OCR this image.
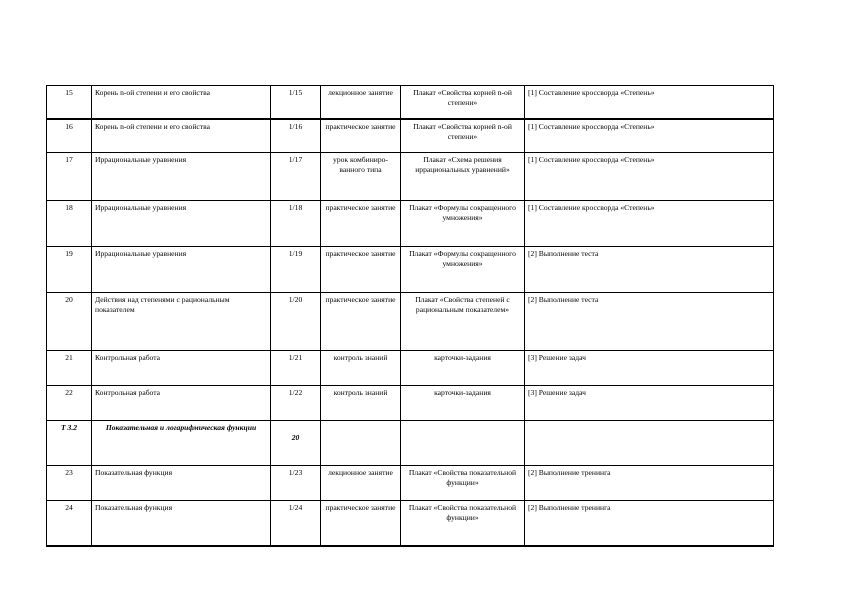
15	Корень n-ой степени и его свойства	1/15	лекционное занятие	Плакат «Свойства корней n-ой степени»	[1] Составление кроссворда «Степень»
16	Корень n-ой степени и его свойства	1/16	практическое занятие	Плакат «Свойства корней n-ой степени»	[1] Составление кроссворда «Степень»
17	Иррациональные уравнения	1/17	урок комбиниро-ванного типа	Плакат «Схема решения иррациональных уравнений»	[1] Составление кроссворда «Степень»
18	Иррациональные уравнения	1/18	практическое занятие	Плакат «Формулы сокращенного умножения»	[1] Составление кроссворда «Степень»
19	Иррациональные уравнения	1/19	практическое занятие	Плакат «Формулы сокращенного умножения»	[2] Выполнение теста
20	Действия над степенями с рациональным показателем	1/20	практическое занятие	Плакат «Свойства степеней с рациональным показателем»	[2] Выполнение теста
21	Контрольная работа	1/21	контроль знаний	карточки-задания	[3] Решение задач
22	Контрольная работа	1/22	контроль знаний	карточки-задания	[3] Решение задач
Т 3.2	Показательная и логарифмическая функции	20			

23	Показательная функция	1/23	лекционное занятие	Плакат «Свойства показательной функции»	[2] Выполнение тренинга
24	Показательная функция	1/24	практическое занятие	Плакат «Свойства показательной функции»	[2] Выполнение тренинга
